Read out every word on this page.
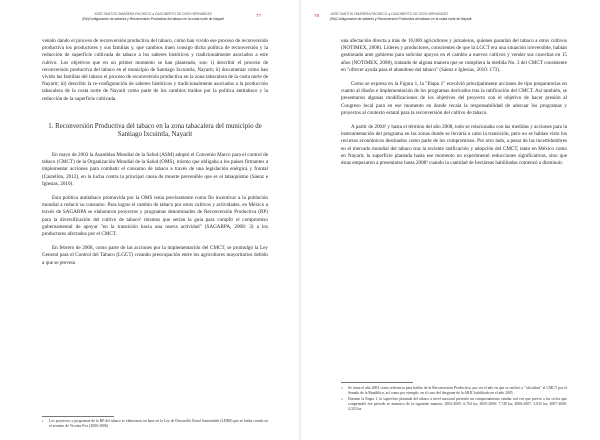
JOSÉ SANTOS OMAÑERA PACHECO ● DAGOBERTO DE DIOS HERNÁNDEZ
(Re)Configuración de saberes y Reconversión Productiva del tabaco en la costa norte de Nayarit
77

venido dando el proceso de reconversión productiva del tabaco, cómo han vivido ese proceso de reconversión productiva los productores y sus familias y, qué cambios traen consigo dicha política de reconversión y la reducción de superficie cultivada de tabaco a los saberes históricos y tradicionalmente asociados a este cultivo. Los objetivos que en un primer momento se han planteado, son: i) describir el proceso de reconversión productiva del tabaco en el municipio de Santiago Ixcuintla, Nayarit; ii) documentar cómo han vivido las familias del tabaco el proceso de reconversión productiva en la zona tabacalera de la costa norte de Nayarit; iii) describir la re-configuración de saberes históricos y tradicionalmente asociados a la producción tabacalera de la costa norte de Nayarit como parte de los cambios traídos por la política antitabaco y la reducción de la superficie cultivada.

1. Reconversión Productiva del tabaco en la zona tabacalera del municipio de Santiago Ixcuintla, Nayarit

En mayo de 2003 la Asamblea Mundial de la Salud (ASM) adoptó el Convenio Marco para el control de tabaco (CMCT) de la Organización Mundial de la Salud (OMS), mismo que obligaba a los países firmantes a implementar acciones para combatir el consumo de tabaco a través de una legislación enérgica y frontal (Castellón, 2012), en la lucha contra la principal causa de muerte prevenible que es el tabaquismo (Sáenz e Iglesias, 2010).

Esta política antitabaco promovida por la OMS tenía precisamente como fin incentivar a la población mundial a reducir su consumo. Para lograr el cambio de tabaco por otros cultivos y actividades, en México a través de SAGARPA se elaboraron proyectos y programas denominados de Reconversión Productiva (RP) para la diversificación del cultivo de tabaco¹ mismos que serían la guía para cumplir el compromiso gubernamental de apoyar "en la transición hacia una nueva actividad" (SAGARPA, 2008: 3) a los productores afectados por el CMCT.

En febrero de 2008, como parte de las acciones por la implementación del CMCT, se promulgó la Ley General para el Control del Tabaco (LGCT) creando preocupación entre los agricultores mayoritarios debido a que se preveía

1	Los proyectos y programas de la RP del tabaco se elaboraron en base en la Ley de Desarrollo Rural Sustentable (LDRS) que se había creado en el sexenio de Vicente Fox (2000-2006)
78	JOSÉ SANTOS OMAÑERA PACHECO ● DAGOBERTO DE DIOS HERNÁNDEZ
(Re)Configuración de saberes y Reconversión Productiva del tabaco en la costa norte de Nayarit

una afectación directa a más de 16,000 agricultores y jornaleros, quienes pasarían del tabaco a otros cultivos (NOTIMEX, 2008). Líderes y productores, conscientes de que la LGCT era una situación irreversible, habían gestionado ante gobierno para solicitar apoyos en el cambio a nuevos cultivos y vender sus cosechas en 15 años (NOTIMEX, 2008), tratando de alguna manera que se cumpliera la medida No. 3 del CMCT consistente en "ofrecer ayuda para el abandono del tabaco" (Sáenz e Iglesias, 2010: 173).

Como se expresa en la Figura 1, la "Etapa 1" envolvió principalmente acciones de tipo preparatorias en cuanto al diseño e implementación de los programas derivados tras la ratificación del CMCT. Así también, se presentaron algunas modificaciones de los objetivos del proyecto con el objetivo de hacer presión al Congreso local para en ese momento en donde recaía la responsabilidad de adecuar los programas y proyectos al contexto estatal para la reconversión del cultivo de tabaco.

A partir de 2004² y hasta el término del año 2008, todo se relacionaba con las medidas y acciones para la instrumentación del programa en las zonas donde se llevaría a cabo la transición, pero no se habían visto los recursos económicos destinados como parte de los compromisos. Por otro lado, a pesar de las incertidumbres en el mercado mundial del tabaco tras la reciente ratificación y adopción del CMCT, tanto en México como en Nayarit, la superficie plantada hasta ese momento no experimentó reducciones significativas, sino que éstas empezaron a presentarse hasta 2008³ cuando la cantidad de hectáreas habilitadas comenzó a disminuir.

2	Se toma el año 2004 como referencia para hablar de la Reconversión Productiva, por ser el año en que se ratificó y "oficializó" el CMCT por el Senado de la República, así como por ejemplo, en el caso del desgrane de la ARIC habilitado en el año 2005.
3	Durante la Etapa 1, la superficie plantada del tabaco a nivel nacional presentó un comportamiento similar tod vez que previo a los ciclos que comprendió ese periodo se mantuvo de la siguiente manera: 2004-2005: 6,764 ha; 2005-2006: 7,749 ha; 2006-2007: 5,035 ha; 2007-2008: 4,323 ha.
